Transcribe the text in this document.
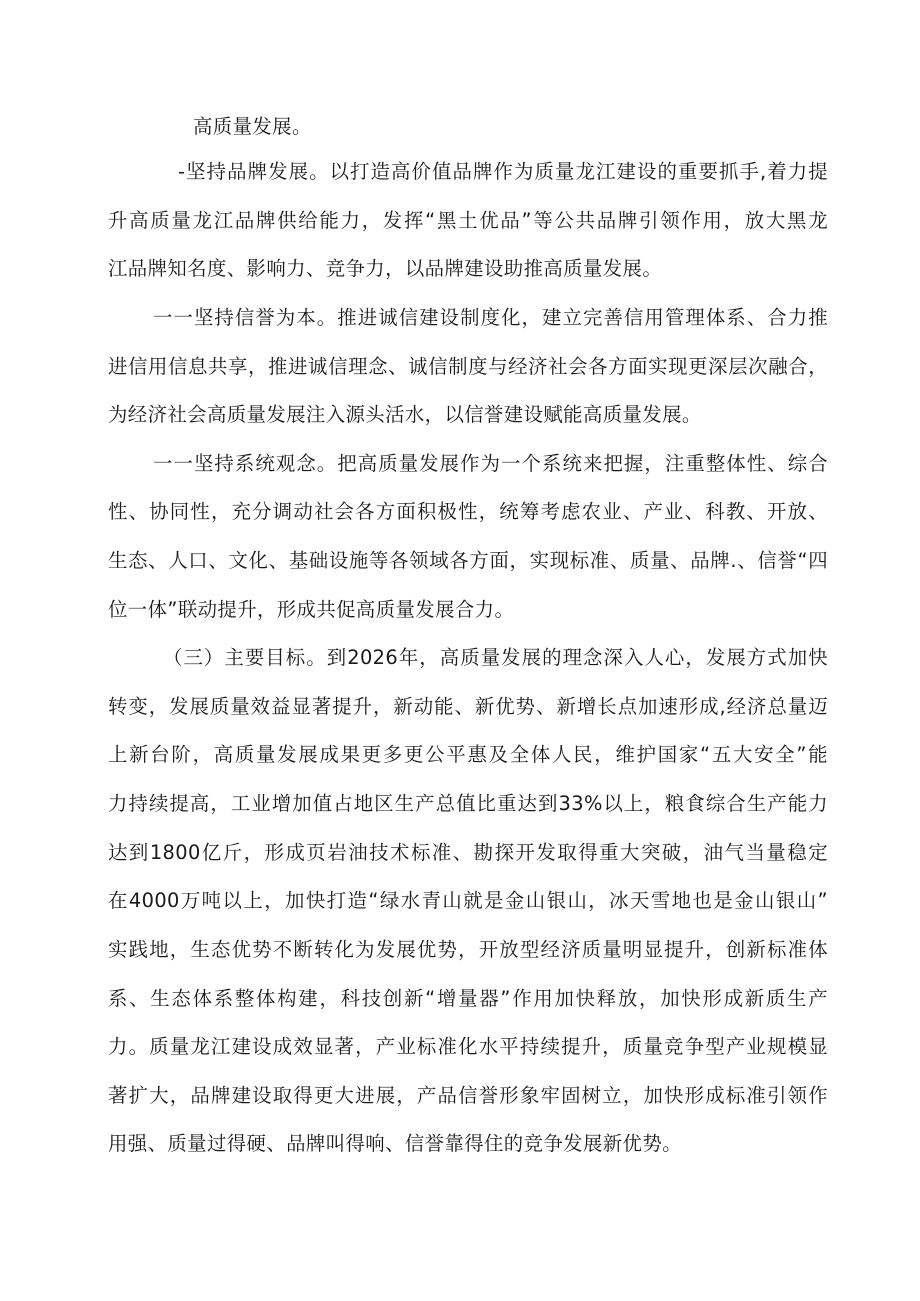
高质量发展。
-坚持品牌发展。以打造高价值品牌作为质量龙江建设的重要抓手,着力提
升高质量龙江品牌供给能力，发挥“黑土优品”等公共品牌引领作用，放大黑龙
江品牌知名度、影响力、竞争力，以品牌建设助推高质量发展。
一一坚持信誉为本。推进诚信建设制度化，建立完善信用管理体系、合力推
进信用信息共享，推进诚信理念、诚信制度与经济社会各方面实现更深层次融合，
为经济社会高质量发展注入源头活水，以信誉建设赋能高质量发展。
一一坚持系统观念。把高质量发展作为一个系统来把握，注重整体性、综合
性、协同性，充分调动社会各方面积极性，统筹考虑农业、产业、科教、开放、
生态、人口、文化、基础设施等各领域各方面，实现标准、质量、品牌.、信誉“四
位一体”联动提升，形成共促高质量发展合力。
（三）主要目标。到2026年，高质量发展的理念深入人心，发展方式加快
转变，发展质量效益显著提升，新动能、新优势、新增长点加速形成,经济总量迈
上新台阶，高质量发展成果更多更公平惠及全体人民，维护国家“五大安全”能
力持续提高，工业增加值占地区生产总值比重达到33%以上，粮食综合生产能力
达到1800亿斤，形成页岩油技术标准、勘探开发取得重大突破，油气当量稳定
在4000万吨以上，加快打造“绿水青山就是金山银山，冰天雪地也是金山银山”
实践地，生态优势不断转化为发展优势，开放型经济质量明显提升，创新标准体
系、生态体系整体构建，科技创新“增量器”作用加快释放，加快形成新质生产
力。质量龙江建设成效显著，产业标准化水平持续提升，质量竞争型产业规模显
著扩大，品牌建设取得更大进展，产品信誉形象牢固树立，加快形成标准引领作
用强、质量过得硬、品牌叫得响、信誉靠得住的竞争发展新优势。
